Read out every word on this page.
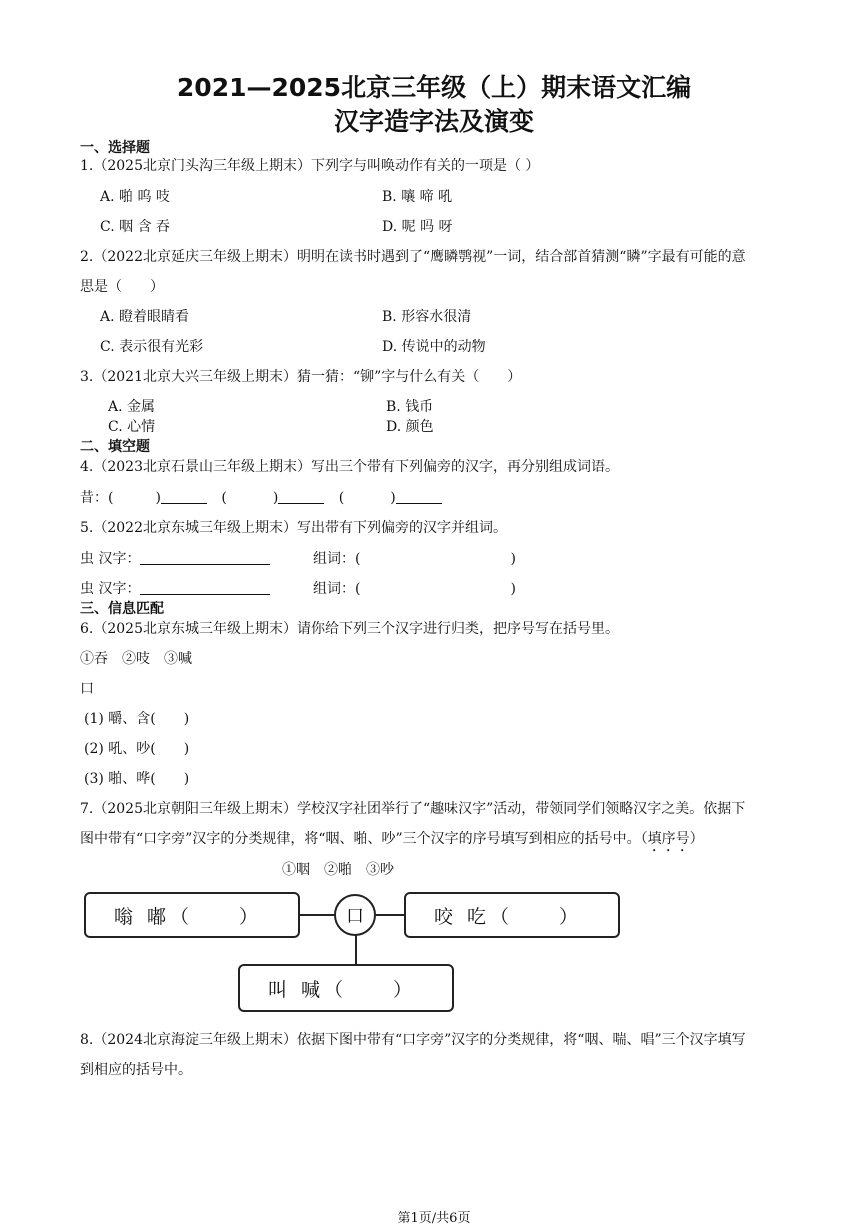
2021—2025北京三年级（上）期末语文汇编
汉字造字法及演变
一、选择题
1.（2025北京门头沟三年级上期末）下列字与叫唤动作有关的一项是（ ）
A. 啪 呜 吱	B. 嚷 啼 吼
C. 咽 含 吞	D. 呢 吗 呀
2.（2022北京延庆三年级上期末）明明在读书时遇到了“鹰瞵鹗视”一词，结合部首猜测“瞵”字最有可能的意
思是（　　）
A. 瞪着眼睛看	B. 形容水很清
C. 表示很有光彩	D. 传说中的动物
3.（2021北京大兴三年级上期末）猜一猜：“铆”字与什么有关（　　）
A. 金属	B. 钱币
C. 心情	D. 颜色
二、填空题
4.（2023北京石景山三年级上期末）写出三个带有下列偏旁的汉字，再分别组成词语。
昔：(	)	(	)	(	)
5.（2022北京东城三年级上期末）写出带有下列偏旁的汉字并组词。
虫 汉字：	组词：(	)
虫 汉字：	组词：(	)
三、信息匹配
6.（2025北京东城三年级上期末）请你给下列三个汉字进行归类，把序号写在括号里。
①吞　②吱　③喊
口
(1) 嚼、含(　　)
(2) 吼、吵(　　)
(3) 啪、哗(　　)
7.（2025北京朝阳三年级上期末）学校汉字社团举行了“趣味汉字”活动，带领同学们领略汉字之美。依据下
图中带有“口字旁”汉字的分类规律，将“咽、啪、吵”三个汉字的序号填写到相应的括号中。（填序号）
①咽　②啪　③吵
嗡 嘟（　　）	口	咬 吃（　　）
叫 喊（　　）
8.（2024北京海淀三年级上期末）依据下图中带有“口字旁”汉字的分类规律，将“咽、喘、唱”三个汉字填写
到相应的括号中。
第1页/共6页
